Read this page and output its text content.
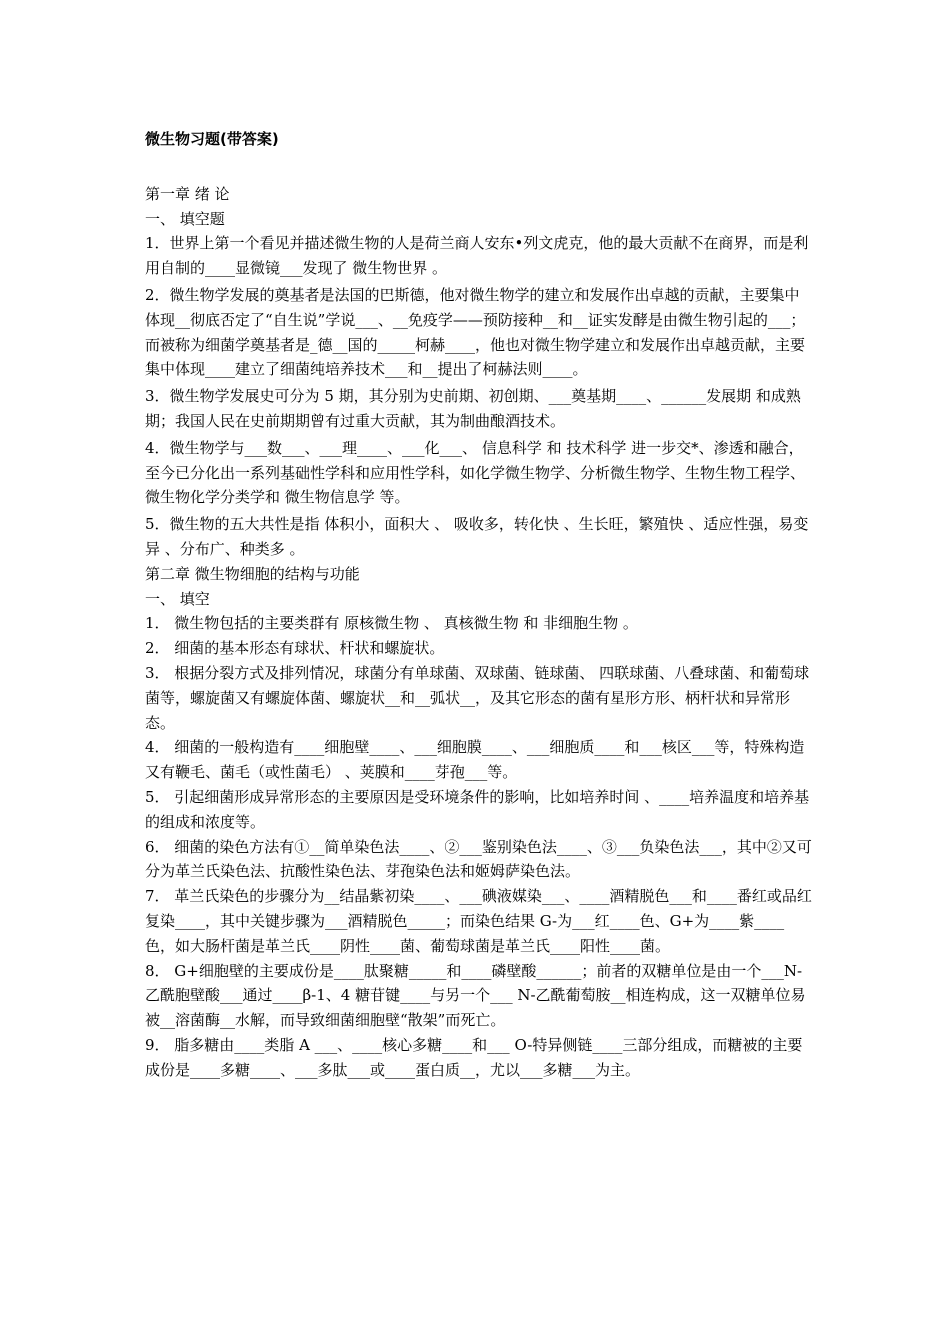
微生物习题(带答案)
第一章 绪 论
一、 填空题
1．世界上第一个看见并描述微生物的人是荷兰商人安东•列文虎克，他的最大贡献不在商界，而是利用自制的____显微镜___发现了 微生物世界 。
2．微生物学发展的奠基者是法国的巴斯德，他对微生物学的建立和发展作出卓越的贡献，主要集中体现__彻底否定了“自生说”学说___、__免疫学——预防接种__和__证实发酵是由微生物引起的___；而被称为细菌学奠基者是_德__国的_____柯赫____，他也对微生物学建立和发展作出卓越贡献，主要集中体现____建立了细菌纯培养技术___和__提出了柯赫法则____。
3．微生物学发展史可分为 5 期，其分别为史前期、初创期、___奠基期____、______发展期 和成熟期；我国人民在史前期期曾有过重大贡献，其为制曲酿酒技术。
4．微生物学与___数___、___理____、___化___、 信息科学 和 技术科学 进一步交*、渗透和融合，至今已分化出一系列基础性学科和应用性学科，如化学微生物学、分析微生物学、生物生物工程学、微生物化学分类学和 微生物信息学 等。
5．微生物的五大共性是指 体积小，面积大 、 吸收多，转化快 、生长旺，繁殖快 、适应性强，易变异 、分布广、种类多 。
第二章 微生物细胞的结构与功能
一、 填空
1． 微生物包括的主要类群有 原核微生物 、 真核微生物 和 非细胞生物 。
2． 细菌的基本形态有球状、杆状和螺旋状。
3． 根据分裂方式及排列情况，球菌分有单球菌、双球菌、链球菌、 四联球菌、八叠球菌、和葡萄球菌等，螺旋菌又有螺旋体菌、螺旋状__和__弧状__，及其它形态的菌有星形方形、柄杆状和异常形态。
4． 细菌的一般构造有____细胞壁____、___细胞膜____、___细胞质____和___核区___等，特殊构造又有鞭毛、菌毛（或性菌毛） 、荚膜和____芽孢___等。
5． 引起细菌形成异常形态的主要原因是受环境条件的影响，比如培养时间 、____培养温度和培养基的组成和浓度等。
6． 细菌的染色方法有①__简单染色法____、②___鉴别染色法____、③___负染色法___，其中②又可分为革兰氏染色法、抗酸性染色法、芽孢染色法和姬姆萨染色法。
7． 革兰氏染色的步骤分为__结晶紫初染____、___碘液媒染___、____酒精脱色___和____番红或品红复染____，其中关键步骤为___酒精脱色_____；而染色结果 G-为___红____色、G+为____紫____色，如大肠杆菌是革兰氏____阴性____菌、葡萄球菌是革兰氏____阳性____菌。
8． G+细胞壁的主要成份是____肽聚糖_____和____磷壁酸______；前者的双糖单位是由一个___N-乙酰胞壁酸___通过____β-1、4 糖苷键____与另一个___ N-乙酰葡萄胺__相连构成，这一双糖单位易被__溶菌酶__水解，而导致细菌细胞壁“散架”而死亡。
9． 脂多糖由____类脂 A ___、____核心多糖____和___ O-特异侧链____三部分组成，而糖被的主要成份是____多糖____、___多肽___或____蛋白质__，尤以___多糖___为主。
